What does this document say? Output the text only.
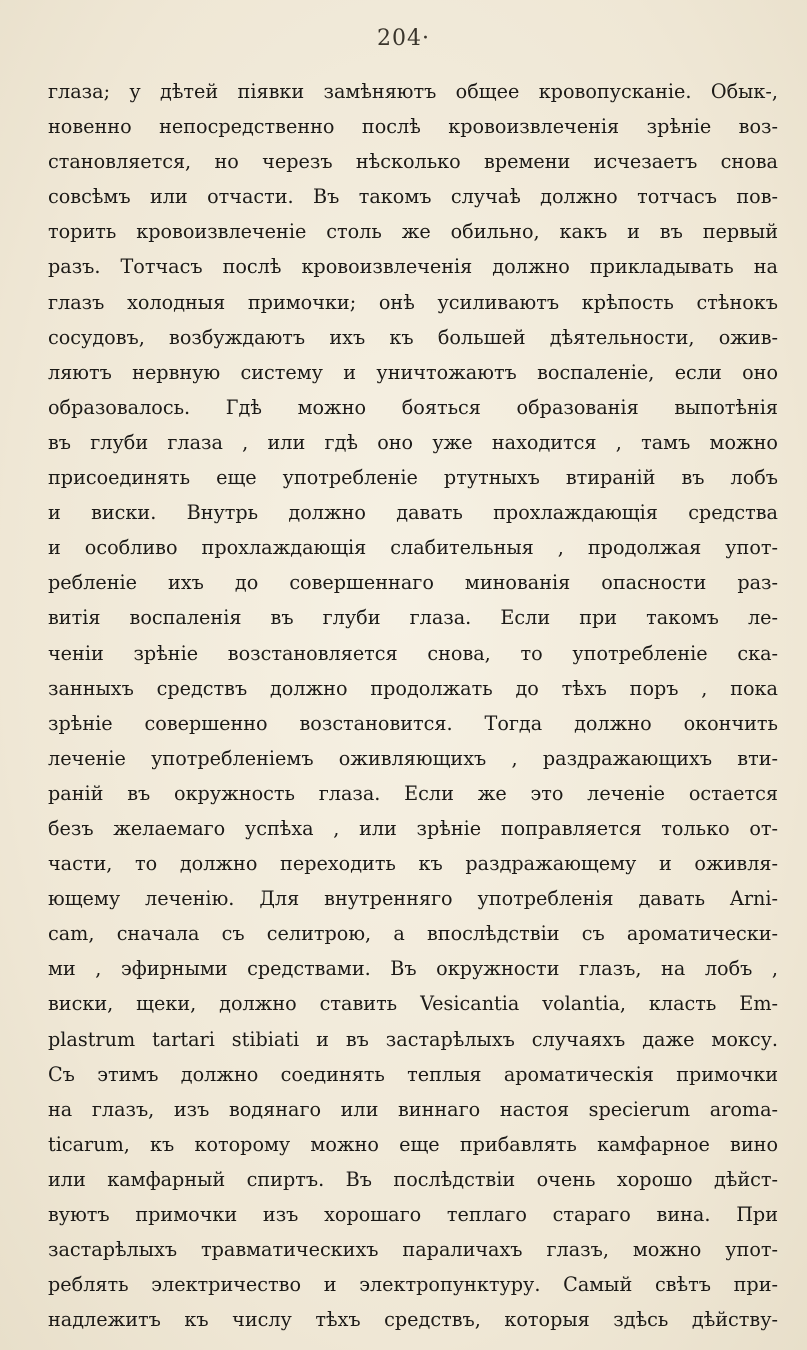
204·
глаза; у дѣтей піявки замѣняютъ общее кровопусканіе. Обык-,
новенно непосредственно послѣ кровоизвлеченія зрѣніе воз-
становляется, но черезъ нѣсколько времени исчезаетъ снова
совсѣмъ или отчасти. Въ такомъ случаѣ должно тотчасъ пов-
торить кровоизвлеченіе столь же обильно, какъ и въ первый
разъ. Тотчасъ послѣ кровоизвлеченія должно прикладывать на
глазъ холодныя примочки; онѣ усиливаютъ крѣпость стѣнокъ
сосудовъ, возбуждаютъ ихъ къ большей дѣятельности, ожив-
ляютъ нервную систему и уничтожаютъ воспаленіе, если оно
образовалось. Гдѣ можно бояться образованія выпотѣнія
въ глуби глаза , или гдѣ оно уже находится , тамъ можно
присоединять еще употребленіе ртутныхъ втираній въ лобъ
и виски. Внутрь должно давать прохлаждающія средства
и особливо прохлаждающія слабительныя , продолжая упот-
ребленіе ихъ до совершеннаго минованія опасности раз-
витія воспаленія въ глуби глаза. Если при такомъ ле-
ченіи зрѣніе возстановляется снова, то употребленіе ска-
занныхъ средствъ должно продолжать до тѣхъ поръ , пока
зрѣніе совершенно возстановится. Тогда должно окончить
леченіе употребленіемъ оживляющихъ , раздражающихъ вти-
раній въ окружность глаза. Если же это леченіе остается
безъ желаемаго успѣха , или зрѣніе поправляется только от-
части, то должно переходить къ раздражающему и оживля-
ющему леченію. Для внутренняго употребленія давать Arni-
cam, сначала съ селитрою, а впослѣдствіи съ ароматически-
ми , эфирными средствами. Въ окружности глазъ, на лобъ ,
виски, щеки, должно ставить Vesicantia volantia, класть Em-
plastrum tartari stibiati и въ застарѣлыхъ случаяхъ даже моксу.
Съ этимъ должно соединять теплыя ароматическія примочки
на глазъ, изъ водянаго или виннаго настоя specierum aroma-
ticarum, къ которому можно еще прибавлять камфарное вино
или камфарный спиртъ. Въ послѣдствіи очень хорошо дѣйст-
вуютъ примочки изъ хорошаго теплаго стараго вина. При
застарѣлыхъ травматическихъ параличахъ глазъ, можно упот-
реблять электричество и электропунктуру. Самый свѣтъ при-
надлежитъ къ числу тѣхъ средствъ, которыя здѣсь дѣйству-
